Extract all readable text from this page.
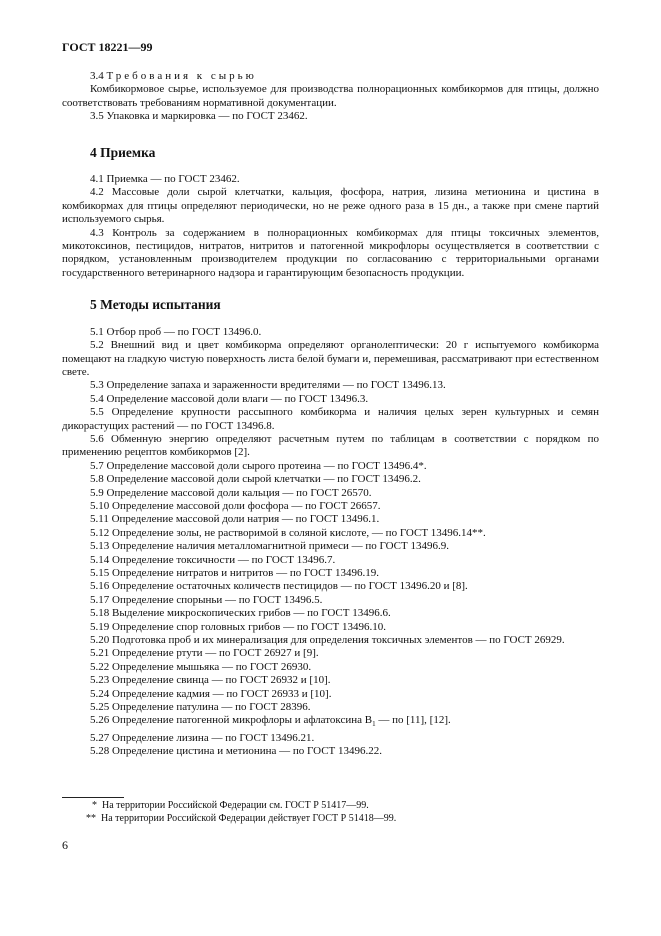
ГОСТ 18221—99

3.4 Требования к сырью

Комбикормовое сырье, используемое для производства полнорационных комбикормов для птицы, должно соответствовать требованиям нормативной документации.

3.5 Упаковка и маркировка — по ГОСТ 23462.

4 Приемка

4.1 Приемка — по ГОСТ 23462.

4.2 Массовые доли сырой клетчатки, кальция, фосфора, натрия, лизина метионина и цистина в комбикормах для птицы определяют периодически, но не реже одного раза в 15 дн., а также при смене партий используемого сырья.

4.3 Контроль за содержанием в полнорационных комбикормах для птицы токсичных элементов, микотоксинов, пестицидов, нитратов, нитритов и патогенной микрофлоры осуществляется в соответствии с порядком, установленным производителем продукции по согласованию с территориальными органами государственного ветеринарного надзора и гарантирующим безопасность продукции.

5 Методы испытания

5.1 Отбор проб — по ГОСТ 13496.0.

5.2 Внешний вид и цвет комбикорма определяют органолептически: 20 г испытуемого комбикорма помещают на гладкую чистую поверхность листа белой бумаги и, перемешивая, рассматривают при естественном свете.

5.3 Определение запаха и зараженности вредителями — по ГОСТ 13496.13.

5.4 Определение массовой доли влаги — по ГОСТ 13496.3.

5.5 Определение крупности рассыпного комбикорма и наличия целых зерен культурных и семян дикорастущих растений — по ГОСТ 13496.8.

5.6 Обменную энергию определяют расчетным путем по таблицам в соответствии с порядком по применению рецептов комбикормов [2].

5.7 Определение массовой доли сырого протеина — по ГОСТ 13496.4*.

5.8 Определение массовой доли сырой клетчатки — по ГОСТ 13496.2.

5.9 Определение массовой доли кальция — по ГОСТ 26570.

5.10 Определение массовой доли фосфора — по ГОСТ 26657.

5.11 Определение массовой доли натрия — по ГОСТ 13496.1.

5.12 Определение золы, не растворимой в соляной кислоте, — по ГОСТ 13496.14**.

5.13 Определение наличия металломагнитной примеси — по ГОСТ 13496.9.

5.14 Определение токсичности — по ГОСТ 13496.7.

5.15 Определение нитратов и нитритов — по ГОСТ 13496.19.

5.16 Определение остаточных количеств пестицидов — по ГОСТ 13496.20 и [8].

5.17 Определение спорыньи — по ГОСТ 13496.5.

5.18 Выделение микроскопических грибов — по ГОСТ 13496.6.

5.19 Определение спор головных грибов — по ГОСТ 13496.10.

5.20 Подготовка проб и их минерализация для определения токсичных элементов — по ГОСТ 26929.

5.21 Определение ртути — по ГОСТ 26927 и [9].

5.22 Определение мышьяка — по ГОСТ 26930.

5.23 Определение свинца — по ГОСТ 26932 и [10].

5.24 Определение кадмия — по ГОСТ 26933 и [10].

5.25 Определение патулина — по ГОСТ 28396.

5.26 Определение патогенной микрофлоры и афлатоксина $B_1$ — по [11], [12].

5.27 Определение лизина — по ГОСТ 13496.21.

5.28 Определение цистина и метионина — по ГОСТ 13496.22.

* На территории Российской Федерации см. ГОСТ Р 51417—99.

** На территории Российской Федерации действует ГОСТ Р 51418—99.

6
